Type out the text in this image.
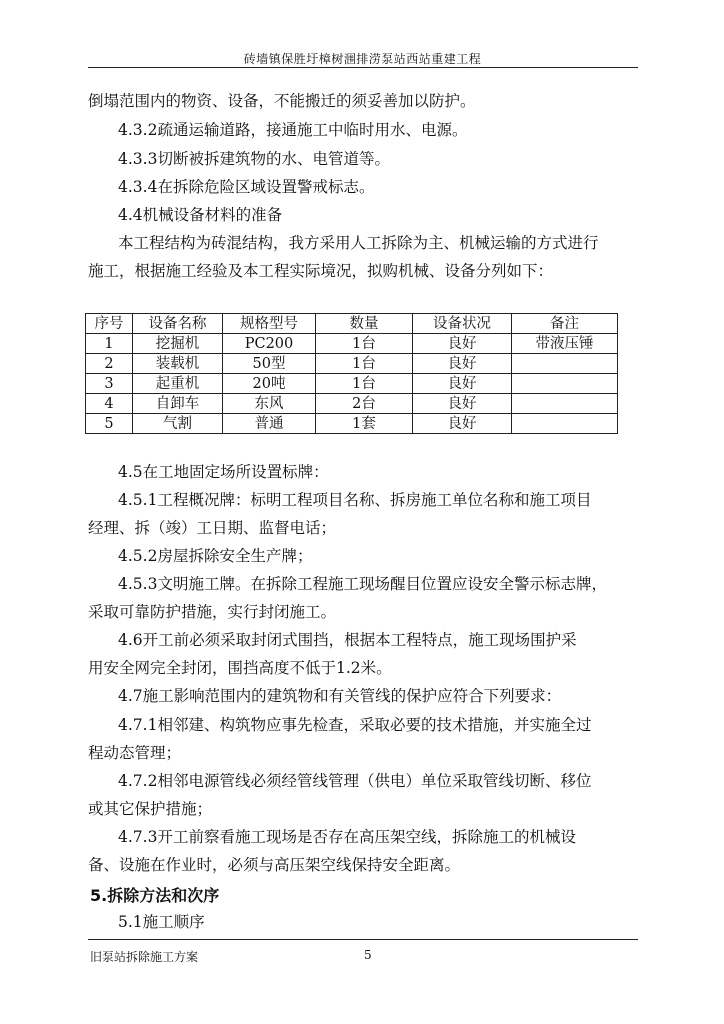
砖墙镇保胜圩樟树涠排涝泵站西站重建工程
倒塌范围内的物资、设备，不能搬迁的须妥善加以防护。
4.3.2疏通运输道路，接通施工中临时用水、电源。
4.3.3切断被拆建筑物的水、电管道等。
4.3.4在拆除危险区域设置警戒标志。
4.4机械设备材料的准备
本工程结构为砖混结构，我方采用人工拆除为主、机械运输的方式进行
施工，根据施工经验及本工程实际境况，拟购机械、设备分列如下：
序号	设备名称	规格型号	数量	设备状况	备注
1	挖掘机	PC200	1台	良好	带液压锤
2	装载机	50型	1台	良好	
3	起重机	20吨	1台	良好	
4	自卸车	东风	2台	良好	
5	气割	普通	1套	良好	
4.5在工地固定场所设置标牌：
4.5.1工程概况牌：标明工程项目名称、拆房施工单位名称和施工项目
经理、拆（竣）工日期、监督电话；
4.5.2房屋拆除安全生产牌；
4.5.3文明施工牌。在拆除工程施工现场醒目位置应设安全警示标志牌，
采取可靠防护措施，实行封闭施工。
4.6开工前必须采取封闭式围挡，根据本工程特点，施工现场围护采
用安全网完全封闭，围挡高度不低于1.2米。
4.7施工影响范围内的建筑物和有关管线的保护应符合下列要求：
4.7.1相邻建、构筑物应事先检查，采取必要的技术措施，并实施全过
程动态管理；
4.7.2相邻电源管线必须经管线管理（供电）单位采取管线切断、移位
或其它保护措施；
4.7.3开工前察看施工现场是否存在高压架空线，拆除施工的机械设
备、设施在作业时，必须与高压架空线保持安全距离。
5.拆除方法和次序
5.1施工顺序
旧泵站拆除施工方案	5
